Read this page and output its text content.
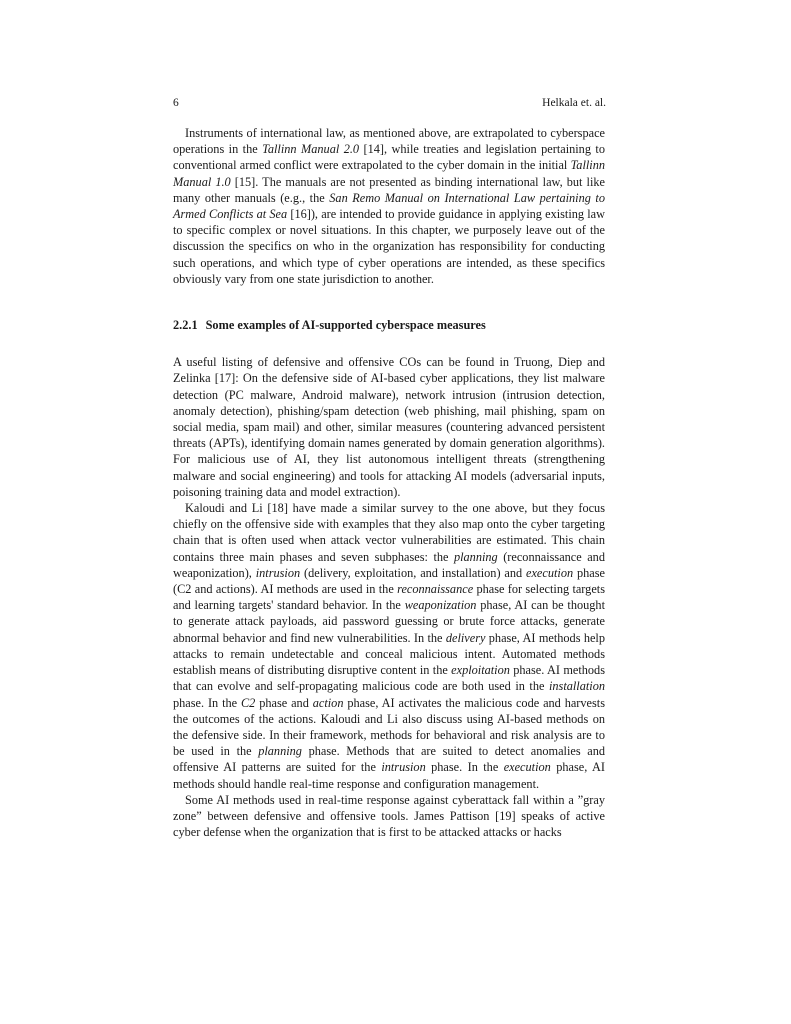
6	Helkala et. al.

Instruments of international law, as mentioned above, are extrapolated to cyberspace operations in the Tallinn Manual 2.0 [14], while treaties and legislation pertaining to conventional armed conflict were extrapolated to the cyber domain in the initial Tallinn Manual 1.0 [15]. The manuals are not presented as binding international law, but like many other manuals (e.g., the San Remo Manual on International Law pertaining to Armed Conflicts at Sea [16]), are intended to provide guidance in applying existing law to specific complex or novel situations. In this chapter, we purposely leave out of the discussion the specifics on who in the organization has responsibility for conducting such operations, and which type of cyber operations are intended, as these specifics obviously vary from one state jurisdiction to another.

2.2.1 Some examples of AI-supported cyberspace measures

A useful listing of defensive and offensive COs can be found in Truong, Diep and Zelinka [17]: On the defensive side of AI-based cyber applications, they list malware detection (PC malware, Android malware), network intrusion (intrusion detection, anomaly detection), phishing/spam detection (web phishing, mail phishing, spam on social media, spam mail) and other, similar measures (countering advanced persistent threats (APTs), identifying domain names generated by domain generation algorithms). For malicious use of AI, they list autonomous intelligent threats (strengthening malware and social engineering) and tools for attacking AI models (adversarial inputs, poisoning training data and model extraction).

Kaloudi and Li [18] have made a similar survey to the one above, but they focus chiefly on the offensive side with examples that they also map onto the cyber targeting chain that is often used when attack vector vulnerabilities are estimated. This chain contains three main phases and seven subphases: the planning (reconnaissance and weaponization), intrusion (delivery, exploitation, and installation) and execution phase (C2 and actions). AI methods are used in the reconnaissance phase for selecting targets and learning targets' standard behavior. In the weaponization phase, AI can be thought to generate attack payloads, aid password guessing or brute force attacks, generate abnormal behavior and find new vulnerabilities. In the delivery phase, AI methods help attacks to remain undetectable and conceal malicious intent. Automated methods establish means of distributing disruptive content in the exploitation phase. AI methods that can evolve and self-propagating malicious code are both used in the installation phase. In the C2 phase and action phase, AI activates the malicious code and harvests the outcomes of the actions. Kaloudi and Li also discuss using AI-based methods on the defensive side. In their framework, methods for behavioral and risk analysis are to be used in the planning phase. Methods that are suited to detect anomalies and offensive AI patterns are suited for the intrusion phase. In the execution phase, AI methods should handle real-time response and configuration management.

Some AI methods used in real-time response against cyberattack fall within a ”gray zone” between defensive and offensive tools. James Pattison [19] speaks of active cyber defense when the organization that is first to be attacked attacks or hacks
